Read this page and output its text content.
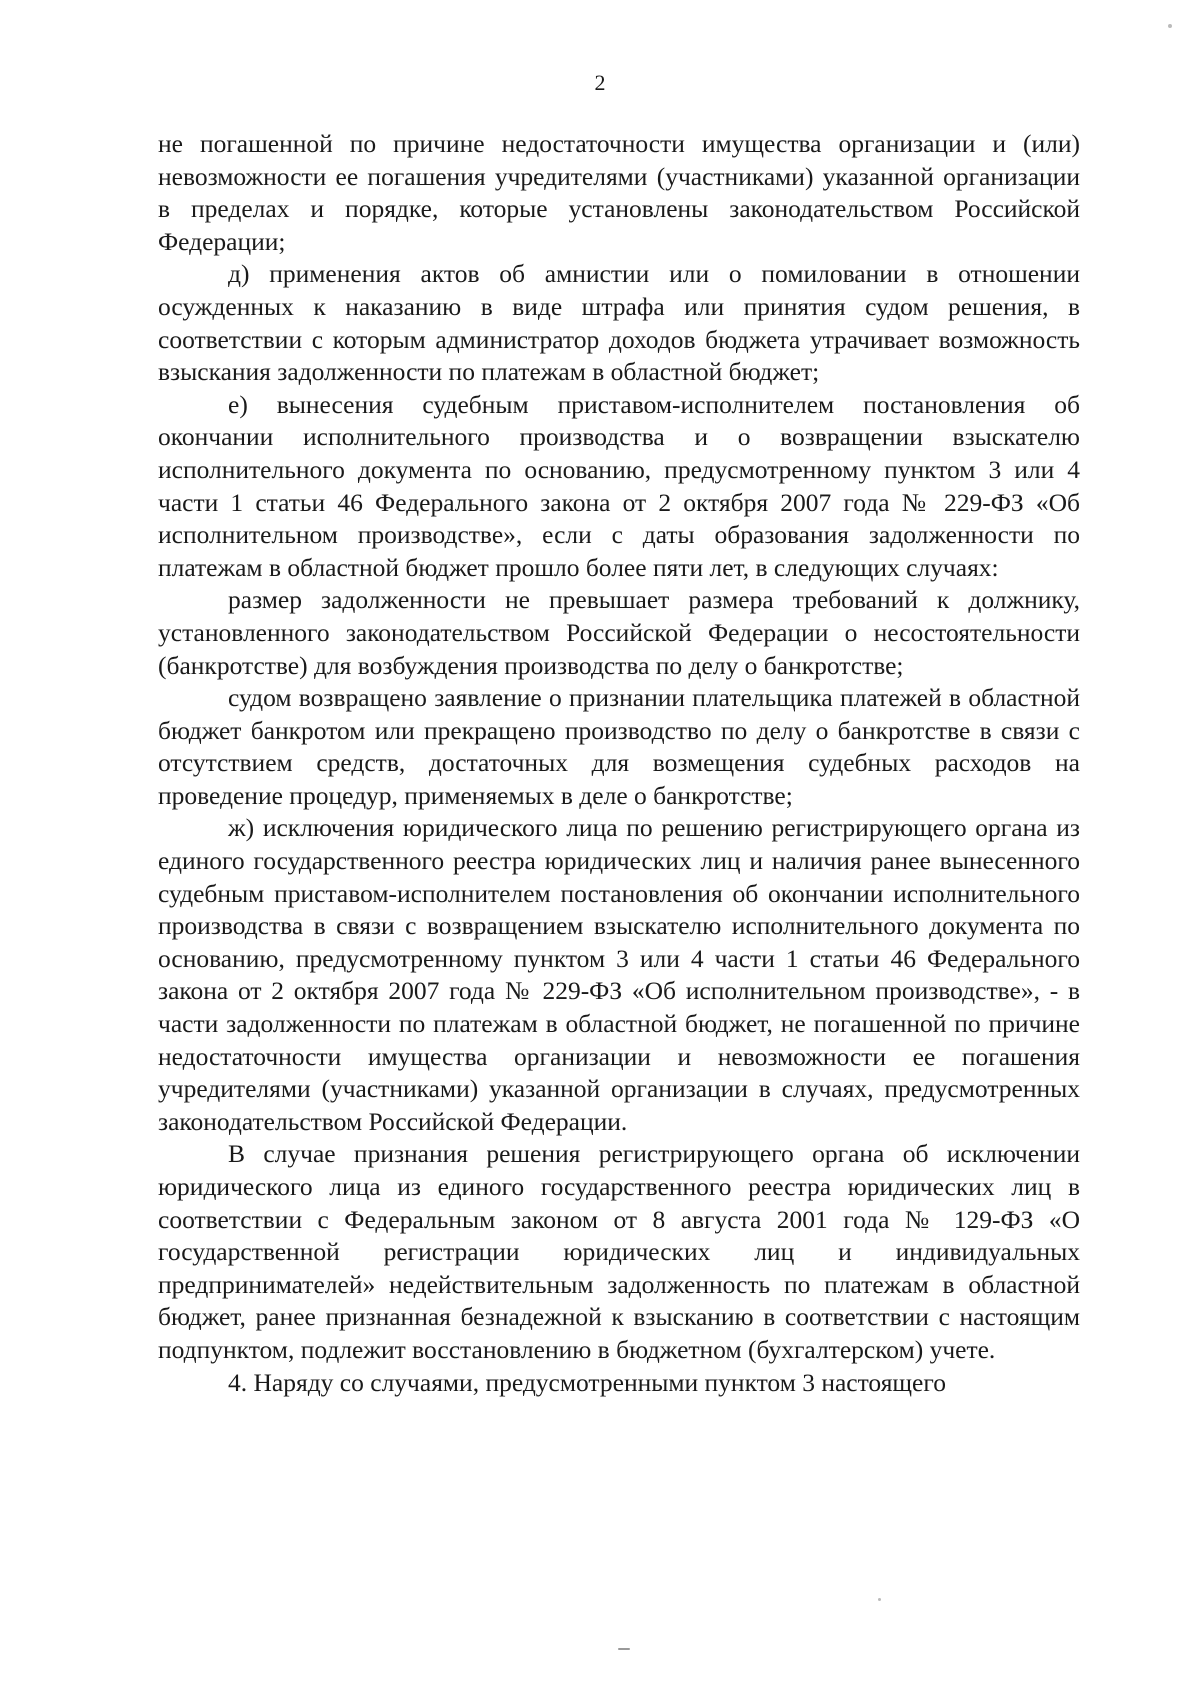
2

не погашенной по причине недостаточности имущества организации и (или) невозможности ее погашения учредителями (участниками) указанной организации в пределах и порядке, которые установлены законодательством Российской Федерации;

д) применения актов об амнистии или о помиловании в отношении осужденных к наказанию в виде штрафа или принятия судом решения, в соответствии с которым администратор доходов бюджета утрачивает возможность взыскания задолженности по платежам в областной бюджет;

е) вынесения судебным приставом-исполнителем постановления об окончании исполнительного производства и о возвращении взыскателю исполнительного документа по основанию, предусмотренному пунктом 3 или 4 части 1 статьи 46 Федерального закона от 2 октября 2007 года № 229-ФЗ «Об исполнительном производстве», если с даты образования задолженности по платежам в областной бюджет прошло более пяти лет, в следующих случаях:

размер задолженности не превышает размера требований к должнику, установленного законодательством Российской Федерации о несостоятельности (банкротстве) для возбуждения производства по делу о банкротстве;

судом возвращено заявление о признании плательщика платежей в областной бюджет банкротом или прекращено производство по делу о банкротстве в связи с отсутствием средств, достаточных для возмещения судебных расходов на проведение процедур, применяемых в деле о банкротстве;

ж) исключения юридического лица по решению регистрирующего органа из единого государственного реестра юридических лиц и наличия ранее вынесенного судебным приставом-исполнителем постановления об окончании исполнительного производства в связи с возвращением взыскателю исполнительного документа по основанию, предусмотренному пунктом 3 или 4 части 1 статьи 46 Федерального закона от 2 октября 2007 года № 229-ФЗ «Об исполнительном производстве», - в части задолженности по платежам в областной бюджет, не погашенной по причине недостаточности имущества организации и невозможности ее погашения учредителями (участниками) указанной организации в случаях, предусмотренных законодательством Российской Федерации.

В случае признания решения регистрирующего органа об исключении юридического лица из единого государственного реестра юридических лиц в соответствии с Федеральным законом от 8 августа 2001 года № 129-ФЗ «О государственной регистрации юридических лиц и индивидуальных предпринимателей» недействительным задолженность по платежам в областной бюджет, ранее признанная безнадежной к взысканию в соответствии с настоящим подпунктом, подлежит восстановлению в бюджетном (бухгалтерском) учете.

4. Наряду со случаями, предусмотренными пунктом 3 настоящего
